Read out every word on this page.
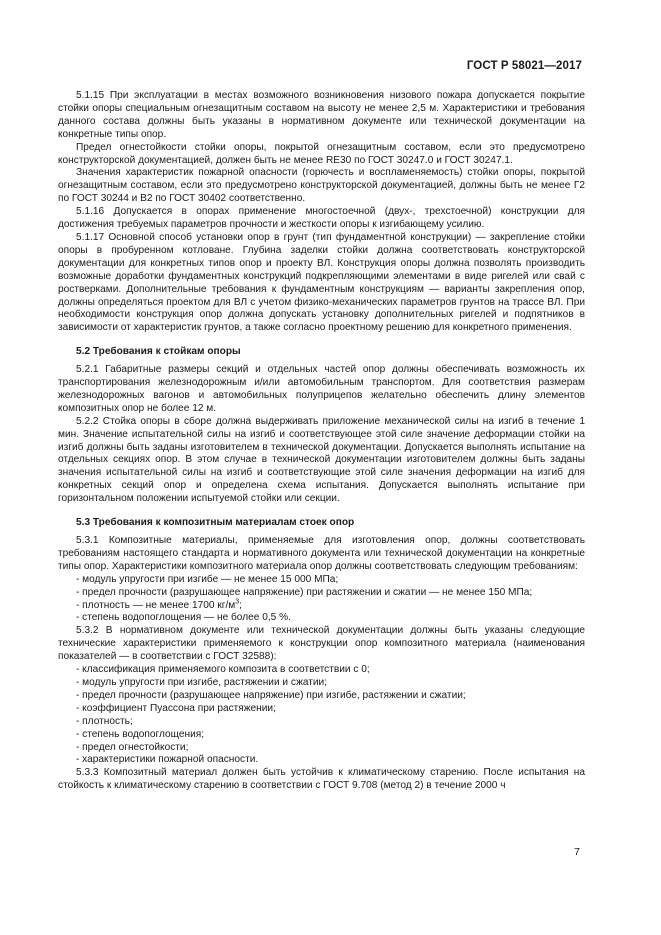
ГОСТ Р 58021—2017

5.1.15 При эксплуатации в местах возможного возникновения низового пожара допускается покрытие стойки опоры специальным огнезащитным составом на высоту не менее 2,5 м. Характеристики и требования данного состава должны быть указаны в нормативном документе или технической документации на конкретные типы опор.

Предел огнестойкости стойки опоры, покрытой огнезащитным составом, если это предусмотрено конструкторской документацией, должен быть не менее RE30 по ГОСТ 30247.0 и ГОСТ 30247.1.

Значения характеристик пожарной опасности (горючесть и воспламеняемость) стойки опоры, покрытой огнезащитным составом, если это предусмотрено конструкторской документацией, должны быть не менее Г2 по ГОСТ 30244 и В2 по ГОСТ 30402 соответственно.

5.1.16 Допускается в опорах применение многостоечной (двух-, трехстоечной) конструкции для достижения требуемых параметров прочности и жесткости опоры к изгибающему усилию.

5.1.17 Основной способ установки опор в грунт (тип фундаментной конструкции) — закрепление стойки опоры в пробуренном котловане. Глубина заделки стойки должна соответствовать конструкторской документации для конкретных типов опор и проекту ВЛ. Конструкция опоры должна позволять производить возможные доработки фундаментных конструкций подкрепляющими элементами в виде ригелей или свай с ростверками. Дополнительные требования к фундаментным конструкциям — варианты закрепления опор, должны определяться проектом для ВЛ с учетом физико-механических параметров грунтов на трассе ВЛ. При необходимости конструкция опор должна допускать установку дополнительных ригелей и подпятников в зависимости от характеристик грунтов, а также согласно проектному решению для конкретного применения.

5.2 Требования к стойкам опоры

5.2.1 Габаритные размеры секций и отдельных частей опор должны обеспечивать возможность их транспортирования железнодорожным и/или автомобильным транспортом. Для соответствия размерам железнодорожных вагонов и автомобильных полуприцепов желательно обеспечить длину элементов композитных опор не более 12 м.

5.2.2 Стойка опоры в сборе должна выдерживать приложение механической силы на изгиб в течение 1 мин. Значение испытательной силы на изгиб и соответствующее этой силе значение деформации стойки на изгиб должны быть заданы изготовителем в технической документации. Допускается выполнять испытание на отдельных секциях опор. В этом случае в технической документации изготовителем должны быть заданы значения испытательной силы на изгиб и соответствующие этой силе значения деформации на изгиб для конкретных секций опор и определена схема испытания. Допускается выполнять испытание при горизонтальном положении испытуемой стойки или секции.

5.3 Требования к композитным материалам стоек опор

5.3.1 Композитные материалы, применяемые для изготовления опор, должны соответствовать требованиям настоящего стандарта и нормативного документа или технической документации на конкретные типы опор. Характеристики композитного материала опор должны соответствовать следующим требованиям:

- модуль упругости при изгибе — не менее 15 000 МПа;

- предел прочности (разрушающее напряжение) при растяжении и сжатии — не менее 150 МПа;

- плотность — не менее 1700 $кг/м^3$;

- степень водопоглощения — не более 0,5 %.

5.3.2 В нормативном документе или технической документации должны быть указаны следующие технические характеристики применяемого к конструкции опор композитного материала (наименования показателей — в соответствии с ГОСТ 32588):

- классификация применяемого композита в соответствии с 0;

- модуль упругости при изгибе, растяжении и сжатии;

- предел прочности (разрушающее напряжение) при изгибе, растяжении и сжатии;

- коэффициент Пуассона при растяжении;

- плотность;

- степень водопоглощения;

- предел огнестойкости;

- характеристики пожарной опасности.

5.3.3 Композитный материал должен быть устойчив к климатическому старению. После испытания на стойкость к климатическому старению в соответствии с ГОСТ 9.708 (метод 2) в течение 2000 ч

7
